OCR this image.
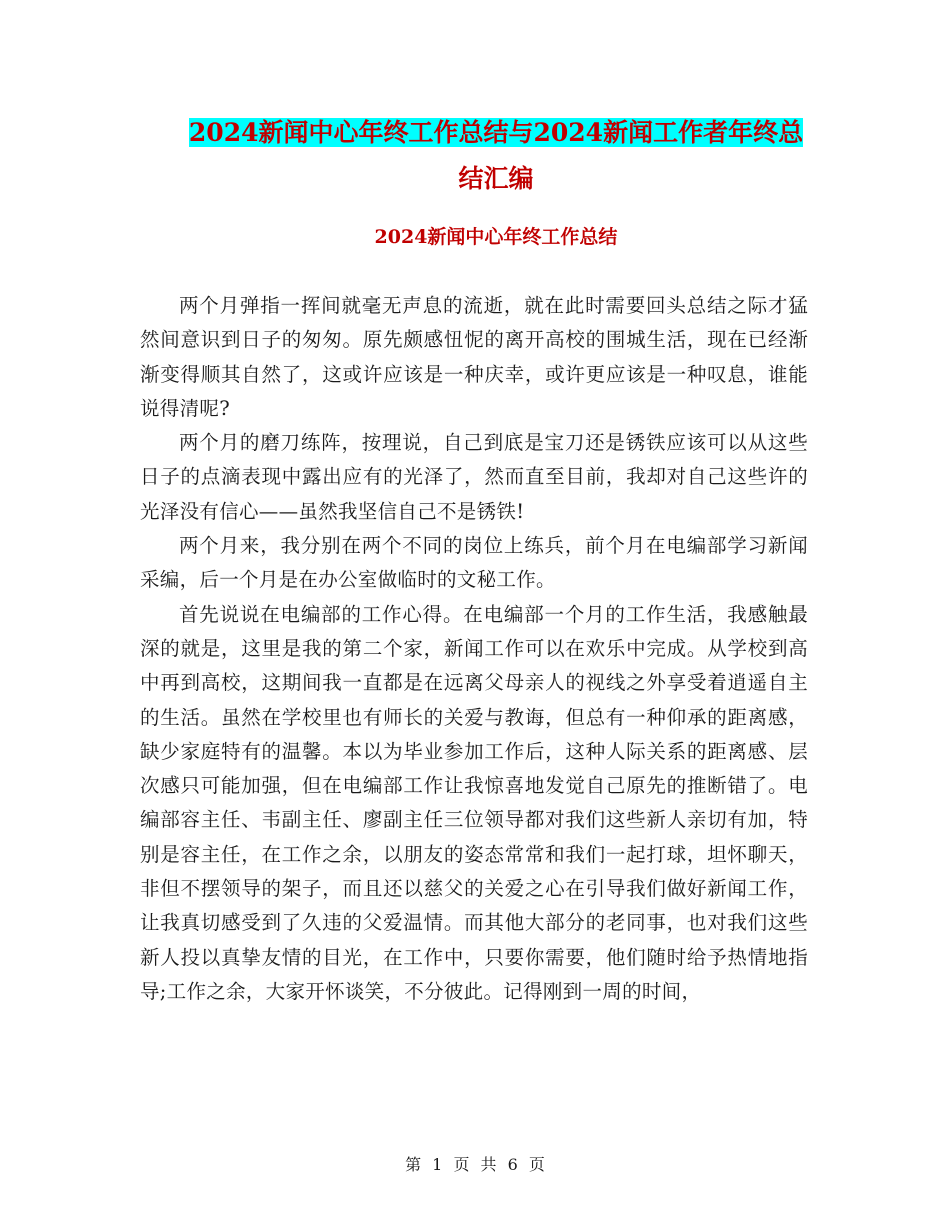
2024新闻中心年终工作总结与2024新闻工作者年终总
结汇编
2024新闻中心年终工作总结

两个月弹指一挥间就毫无声息的流逝，就在此时需要回头总结之际才猛然间意识到日子的匆匆。原先颇感忸怩的离开高校的围城生活，现在已经渐渐变得顺其自然了，这或许应该是一种庆幸，或许更应该是一种叹息，谁能说得清呢?

两个月的磨刀练阵，按理说，自己到底是宝刀还是锈铁应该可以从这些日子的点滴表现中露出应有的光泽了，然而直至目前，我却对自己这些许的光泽没有信心——虽然我坚信自己不是锈铁!

两个月来，我分别在两个不同的岗位上练兵，前个月在电编部学习新闻采编，后一个月是在办公室做临时的文秘工作。

首先说说在电编部的工作心得。在电编部一个月的工作生活，我感触最深的就是，这里是我的第二个家，新闻工作可以在欢乐中完成。从学校到高中再到高校，这期间我一直都是在远离父母亲人的视线之外享受着逍遥自主的生活。虽然在学校里也有师长的关爱与教诲，但总有一种仰承的距离感，缺少家庭特有的温馨。本以为毕业参加工作后，这种人际关系的距离感、层次感只可能加强，但在电编部工作让我惊喜地发觉自己原先的推断错了。电编部容主任、韦副主任、廖副主任三位领导都对我们这些新人亲切有加，特别是容主任，在工作之余，以朋友的姿态常常和我们一起打球，坦怀聊天，非但不摆领导的架子，而且还以慈父的关爱之心在引导我们做好新闻工作，让我真切感受到了久违的父爱温情。而其他大部分的老同事，也对我们这些新人投以真挚友情的目光，在工作中，只要你需要，他们随时给予热情地指导;工作之余，大家开怀谈笑，不分彼此。记得刚到一周的时间，

第 1 页 共 6 页
